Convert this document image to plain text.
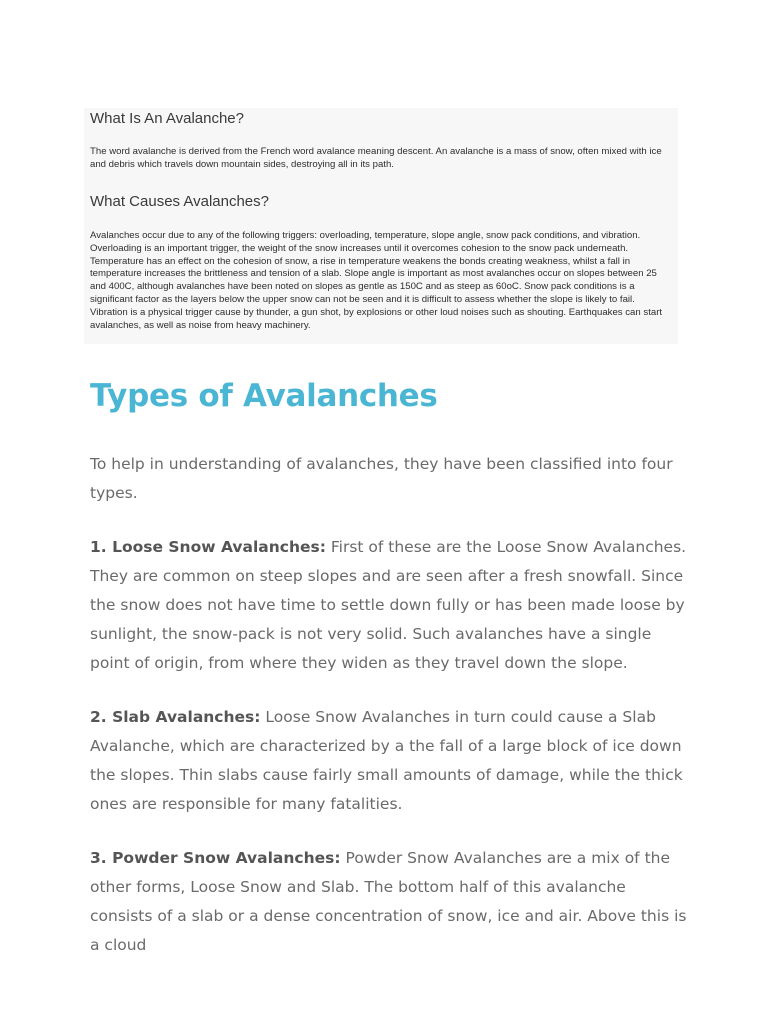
What Is An Avalanche?

The word avalanche is derived from the French word avalance meaning descent. An avalanche is a mass of snow, often mixed with ice and debris which travels down mountain sides, destroying all in its path.

What Causes Avalanches?

Avalanches occur due to any of the following triggers: overloading, temperature, slope angle, snow pack conditions, and vibration. Overloading is an important trigger, the weight of the snow increases until it overcomes cohesion to the snow pack underneath. Temperature has an effect on the cohesion of snow, a rise in temperature weakens the bonds creating weakness, whilst a fall in temperature increases the brittleness and tension of a slab. Slope angle is important as most avalanches occur on slopes between 25 and 400C, although avalanches have been noted on slopes as gentle as 150C and as steep as 60oC. Snow pack conditions is a significant factor as the layers below the upper snow can not be seen and it is difficult to assess whether the slope is likely to fail. Vibration is a physical trigger cause by thunder, a gun shot, by explosions or other loud noises such as shouting. Earthquakes can start avalanches, as well as noise from heavy machinery.

Types of Avalanches

To help in understanding of avalanches, they have been classified into four types.

1. Loose Snow Avalanches: First of these are the Loose Snow Avalanches. They are common on steep slopes and are seen after a fresh snowfall. Since the snow does not have time to settle down fully or has been made loose by sunlight, the snow-pack is not very solid. Such avalanches have a single point of origin, from where they widen as they travel down the slope.

2. Slab Avalanches: Loose Snow Avalanches in turn could cause a Slab Avalanche, which are characterized by a the fall of a large block of ice down the slopes. Thin slabs cause fairly small amounts of damage, while the thick ones are responsible for many fatalities.

3. Powder Snow Avalanches: Powder Snow Avalanches are a mix of the other forms, Loose Snow and Slab. The bottom half of this avalanche consists of a slab or a dense concentration of snow, ice and air. Above this is a cloud
